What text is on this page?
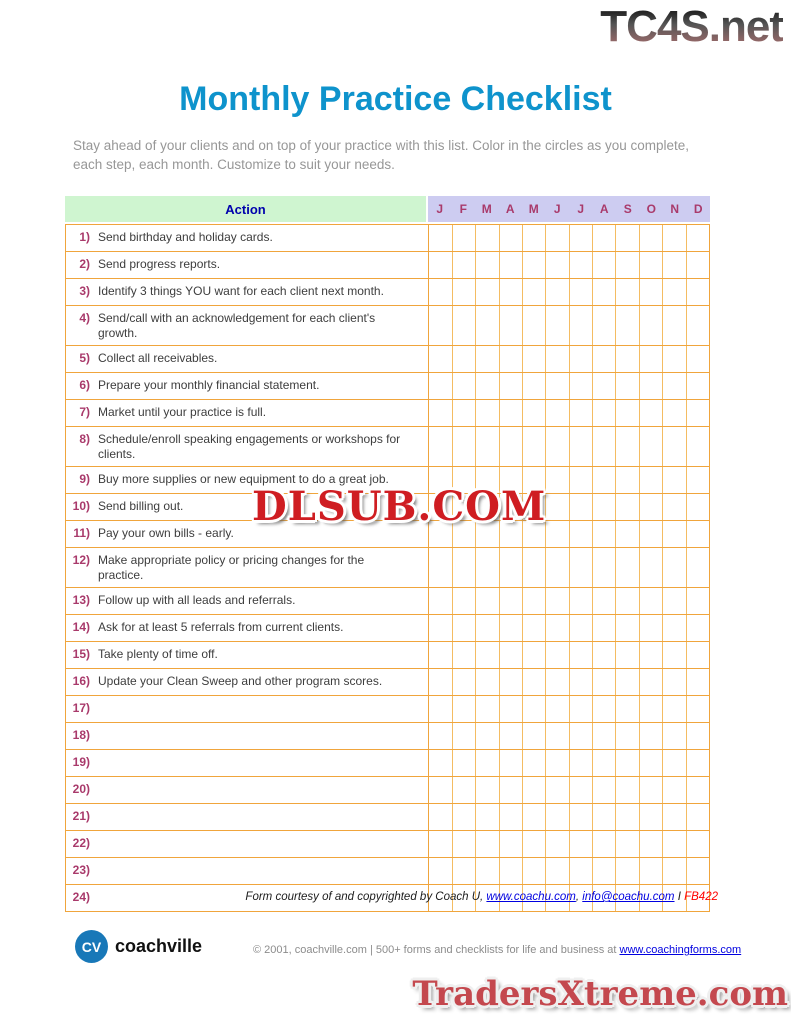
TC4S.net
Monthly Practice Checklist
Stay ahead of your clients and on top of your practice with this list. Color in the circles as you complete, each step, each month. Customize to suit your needs.
Action	J	F	M	A	M	J	J	A	S	O	N	D
1) Send birthday and holiday cards.
2) Send progress reports.
3) Identify 3 things YOU want for each client next month.
4) Send/call with an acknowledgement for each client's growth.
5) Collect all receivables.
6) Prepare your monthly financial statement.
7) Market until your practice is full.
8) Schedule/enroll speaking engagements or workshops for clients.
9) Buy more supplies or new equipment to do a great job.
10) Send billing out.
11) Pay your own bills - early.
12) Make appropriate policy or pricing changes for the practice.
13) Follow up with all leads and referrals.
14) Ask for at least 5 referrals from current clients.
15) Take plenty of time off.
16) Update your Clean Sweep and other program scores.
17)
18)
19)
20)
21)
22)
23)
24)
DLSUB.COM
Form courtesy of and copyrighted by Coach U, www.coachu.com, info@coachu.com I FB422
CV coachville	© 2001, coachville.com | 500+ forms and checklists for life and business at www.coachingforms.com
TradersXtreme.com
